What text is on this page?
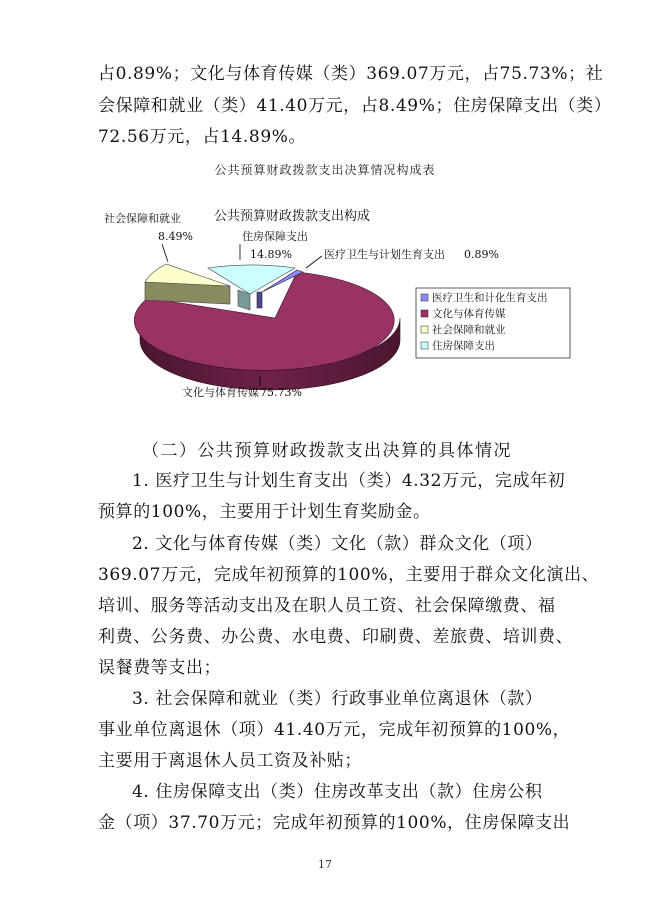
占0.89%；文化与体育传媒（类）369.07万元，占75.73%；社
会保障和就业（类）41.40万元，占8.49%；住房保障支出（类）
72.56万元，占14.89%。
公共预算财政拨款支出决算情况构成表
公共预算财政拨款支出构成
社会保障和就业
8.49%	住房保障支出
14.89%	医疗卫生与计划生育支出 0.89%
文化与体育传媒 75.73%
医疗卫生和计化生育支出
文化与体育传媒
社会保障和就业
住房保障支出
（二）公共预算财政拨款支出决算的具体情况
1. 医疗卫生与计划生育支出（类）4.32万元，完成年初
预算的100%，主要用于计划生育奖励金。
2. 文化与体育传媒（类）文化（款）群众文化（项）
369.07万元，完成年初预算的100%，主要用于群众文化演出、
培训、服务等活动支出及在职人员工资、社会保障缴费、福
利费、公务费、办公费、水电费、印刷费、差旅费、培训费、
误餐费等支出；
3. 社会保障和就业（类）行政事业单位离退休（款）
事业单位离退休（项）41.40万元，完成年初预算的100%，
主要用于离退休人员工资及补贴；
4. 住房保障支出（类）住房改革支出（款）住房公积
金（项）37.70万元；完成年初预算的100%，住房保障支出
17
